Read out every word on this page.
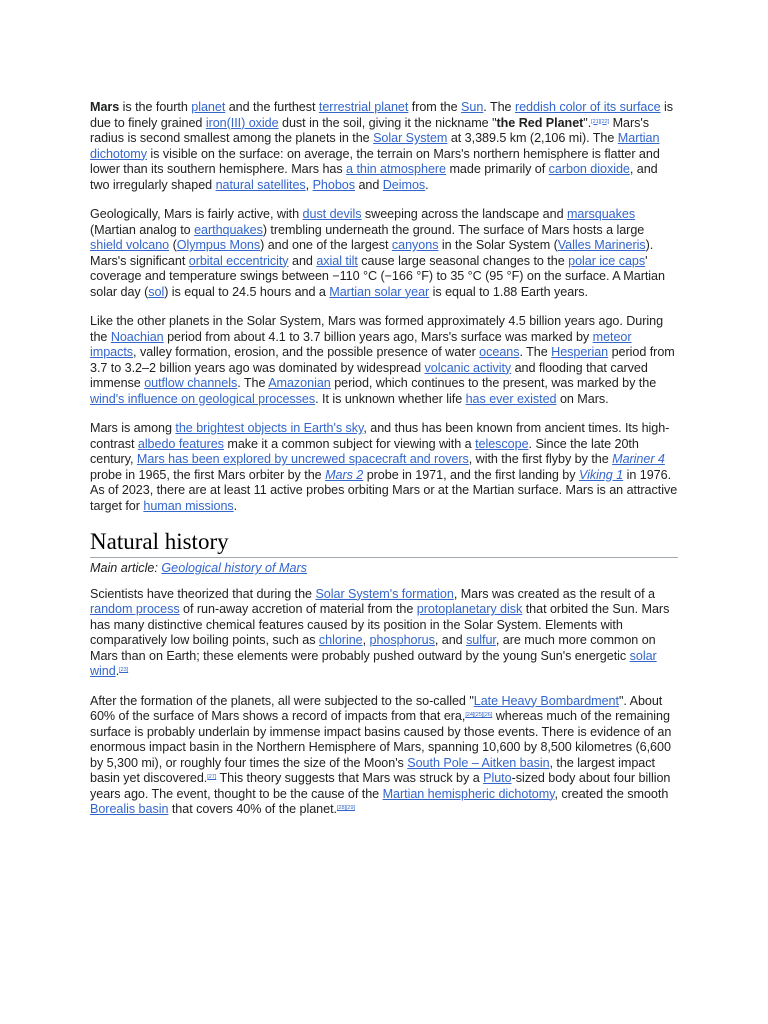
Mars is the fourth planet and the furthest terrestrial planet from the Sun. The reddish color of its surface is due to finely grained iron(III) oxide dust in the soil, giving it the nickname "the Red Planet".[21][22] Mars's radius is second smallest among the planets in the Solar System at 3,389.5 km (2,106 mi). The Martian dichotomy is visible on the surface: on average, the terrain on Mars's northern hemisphere is flatter and lower than its southern hemisphere. Mars has a thin atmosphere made primarily of carbon dioxide, and two irregularly shaped natural satellites, Phobos and Deimos.

Geologically, Mars is fairly active, with dust devils sweeping across the landscape and marsquakes (Martian analog to earthquakes) trembling underneath the ground. The surface of Mars hosts a large shield volcano (Olympus Mons) and one of the largest canyons in the Solar System (Valles Marineris). Mars's significant orbital eccentricity and axial tilt cause large seasonal changes to the polar ice caps' coverage and temperature swings between −110 °C (−166 °F) to 35 °C (95 °F) on the surface. A Martian solar day (sol) is equal to 24.5 hours and a Martian solar year is equal to 1.88 Earth years.

Like the other planets in the Solar System, Mars was formed approximately 4.5 billion years ago. During the Noachian period from about 4.1 to 3.7 billion years ago, Mars's surface was marked by meteor impacts, valley formation, erosion, and the possible presence of water oceans. The Hesperian period from 3.7 to 3.2–2 billion years ago was dominated by widespread volcanic activity and flooding that carved immense outflow channels. The Amazonian period, which continues to the present, was marked by the wind's influence on geological processes. It is unknown whether life has ever existed on Mars.

Mars is among the brightest objects in Earth's sky, and thus has been known from ancient times. Its high-contrast albedo features make it a common subject for viewing with a telescope. Since the late 20th century, Mars has been explored by uncrewed spacecraft and rovers, with the first flyby by the Mariner 4 probe in 1965, the first Mars orbiter by the Mars 2 probe in 1971, and the first landing by Viking 1 in 1976. As of 2023, there are at least 11 active probes orbiting Mars or at the Martian surface. Mars is an attractive target for human missions.

Natural history
Main article: Geological history of Mars

Scientists have theorized that during the Solar System's formation, Mars was created as the result of a random process of run-away accretion of material from the protoplanetary disk that orbited the Sun. Mars has many distinctive chemical features caused by its position in the Solar System. Elements with comparatively low boiling points, such as chlorine, phosphorus, and sulfur, are much more common on Mars than on Earth; these elements were probably pushed outward by the young Sun's energetic solar wind.[23]

After the formation of the planets, all were subjected to the so-called "Late Heavy Bombardment". About 60% of the surface of Mars shows a record of impacts from that era,[24][25][26] whereas much of the remaining surface is probably underlain by immense impact basins caused by those events. There is evidence of an enormous impact basin in the Northern Hemisphere of Mars, spanning 10,600 by 8,500 kilometres (6,600 by 5,300 mi), or roughly four times the size of the Moon's South Pole – Aitken basin, the largest impact basin yet discovered.[27] This theory suggests that Mars was struck by a Pluto-sized body about four billion years ago. The event, thought to be the cause of the Martian hemispheric dichotomy, created the smooth Borealis basin that covers 40% of the planet.[28][29]
